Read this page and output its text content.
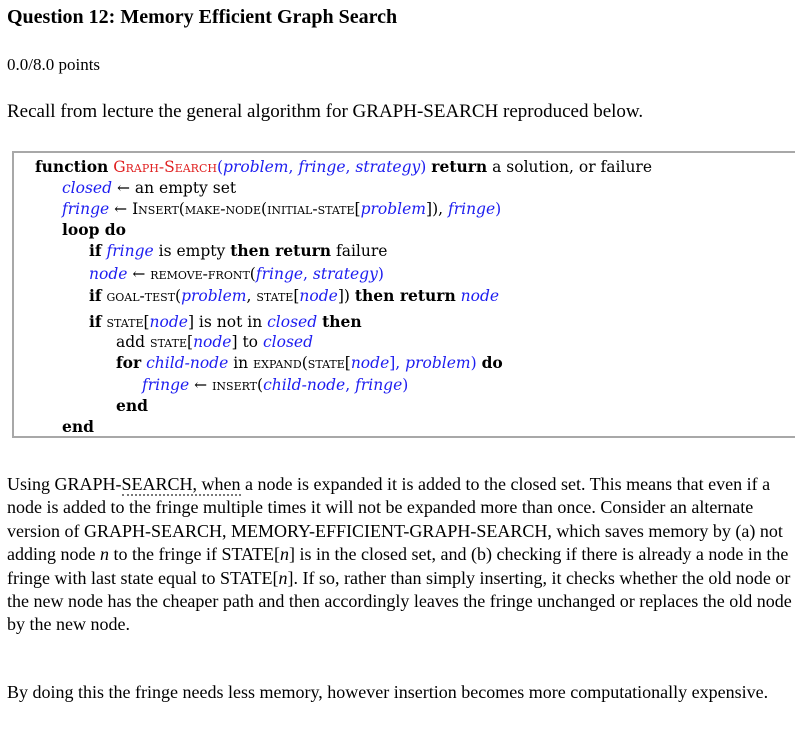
Question 12: Memory Efficient Graph Search
0.0/8.0 points
Recall from lecture the general algorithm for GRAPH-SEARCH reproduced below.
function Graph-Search(problem, fringe, strategy) return a solution, or failure
closed ← an empty set
fringe ← Insert(make-node(initial-state[problem]), fringe)
loop do
if fringe is empty then return failure
node ← remove-front(fringe, strategy)
if goal-test(problem, state[node]) then return node
if state[node] is not in closed then
add state[node] to closed
for child-node in expand(state[node], problem) do
fringe ← insert(child-node, fringe)
end
end
Using GRAPH-SEARCH, when a node is expanded it is added to the closed set. This means that even if a node is added to the fringe multiple times it will not be expanded more than once. Consider an alternate version of GRAPH-SEARCH, MEMORY-EFFICIENT-GRAPH-SEARCH, which saves memory by (a) not adding node n to the fringe if STATE[n] is in the closed set, and (b) checking if there is already a node in the fringe with last state equal to STATE[n]. If so, rather than simply inserting, it checks whether the old node or the new node has the cheaper path and then accordingly leaves the fringe unchanged or replaces the old node by the new node.
By doing this the fringe needs less memory, however insertion becomes more computationally expensive.
